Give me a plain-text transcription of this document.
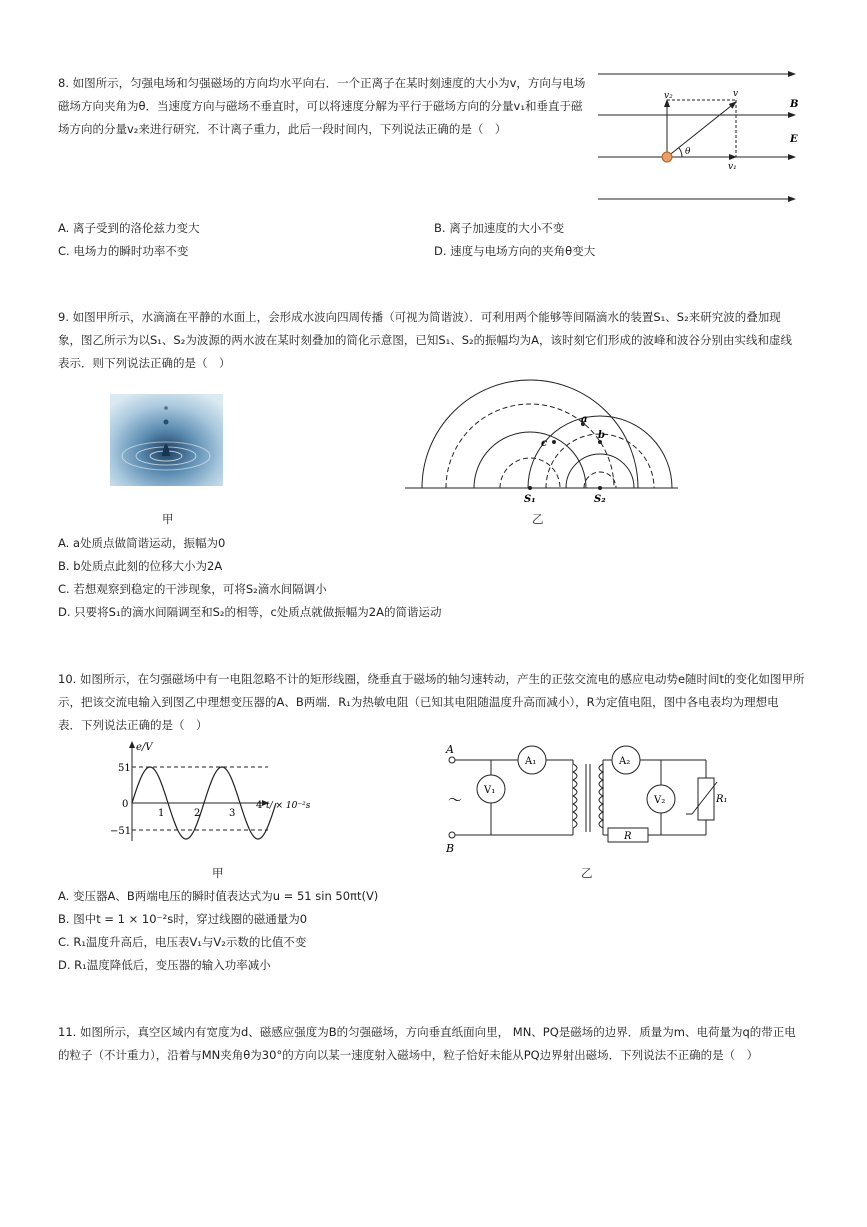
8. 如图所示，匀强电场和匀强磁场的方向均水平向右．一个正离子在某时刻速度的大小为v，方向与电场
磁场方向夹角为θ．当速度方向与磁场不垂直时，可以将速度分解为平行于磁场方向的分量v₁和垂直于磁
场方向的分量v₂来进行研究．不计离子重力，此后一段时间内，下列说法正确的是（　）
A. 离子受到的洛伦兹力变大	B. 离子加速度的大小不变
C. 电场力的瞬时功率不变	D. 速度与电场方向的夹角θ变大
v₂	v
B
E
θ
v₁
9. 如图甲所示，水滴滴在平静的水面上，会形成水波向四周传播（可视为简谐波）．可利用两个能够等间隔滴水的装置S₁、S₂来研究波的叠加现
象，图乙所示为以S₁、S₂为波源的两水波在某时刻叠加的简化示意图，已知S₁、S₂的振幅均为A，该时刻它们形成的波峰和波谷分别由实线和虚线
表示．则下列说法正确的是（　）
甲
a
b
c
S₁	S₂
乙
A. a处质点做简谐运动，振幅为0
B. b处质点此刻的位移大小为2A
C. 若想观察到稳定的干涉现象，可将S₂滴水间隔调小
D. 只要将S₁的滴水间隔调至和S₂的相等，c处质点就做振幅为2A的简谐运动
10. 如图所示，在匀强磁场中有一电阻忽略不计的矩形线圈，绕垂直于磁场的轴匀速转动，产生的正弦交流电的感应电动势e随时间t的变化如图甲所
示，把该交流电输入到图乙中理想变压器的A、B两端．R₁为热敏电阻（已知其电阻随温度升高而减小），R为定值电阻，图中各电表均为理想电
表．下列说法正确的是（　）
e/V
51
−51
0
1	2	3
4 t/ × 10⁻²s
甲
A
B
～
A₁	A₂
V₁
V₂
R
R₁
乙
A. 变压器A、B两端电压的瞬时值表达式为u = 51 sin 50πt(V)
B. 图中t = 1 × 10⁻²s时，穿过线圈的磁通量为0
C. R₁温度升高后，电压表V₁与V₂示数的比值不变
D. R₁温度降低后，变压器的输入功率减小
11. 如图所示，真空区域内有宽度为d、磁感应强度为B的匀强磁场，方向垂直纸面向里， MN、PQ是磁场的边界．质量为m、电荷量为q的带正电
的粒子（不计重力），沿着与MN夹角θ为30°的方向以某一速度射入磁场中，粒子恰好未能从PQ边界射出磁场．下列说法不正确的是（　）
